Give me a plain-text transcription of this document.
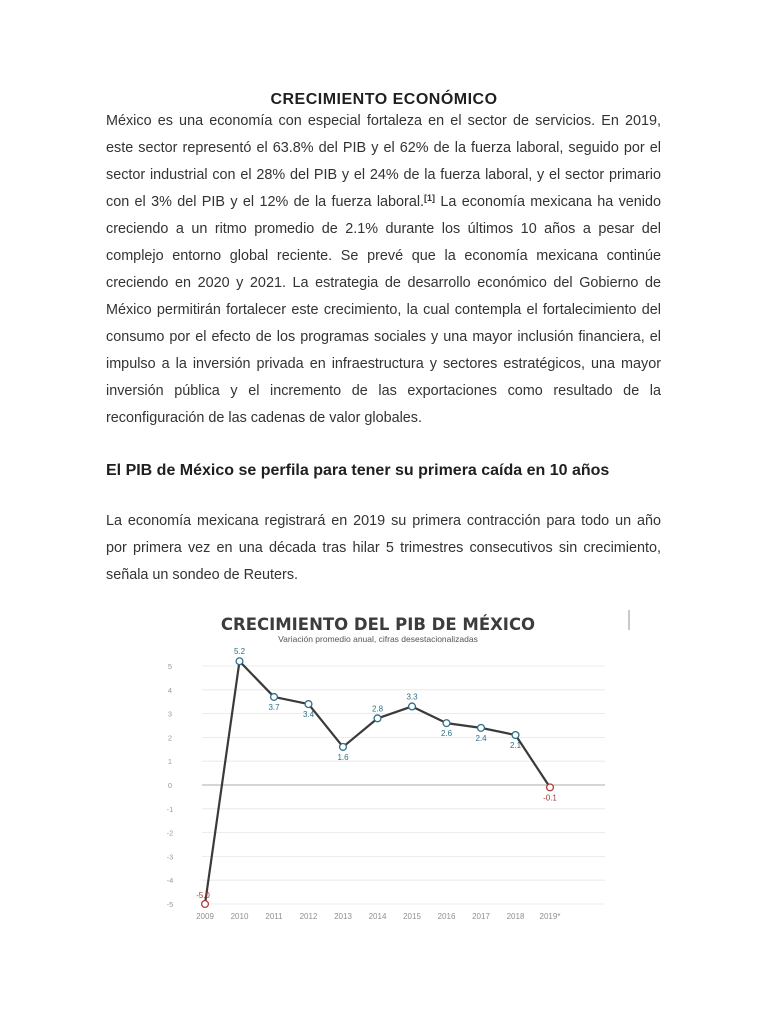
CRECIMIENTO ECONÓMICO

México es una economía con especial fortaleza en el sector de servicios. En 2019, este sector representó el 63.8% del PIB y el 62% de la fuerza laboral, seguido por el sector industrial con el 28% del PIB y el 24% de la fuerza laboral, y el sector primario con el 3% del PIB y el 12% de la fuerza laboral.[1] La economía mexicana ha venido creciendo a un ritmo promedio de 2.1% durante los últimos 10 años a pesar del complejo entorno global reciente. Se prevé que la economía mexicana continúe creciendo en 2020 y 2021. La estrategia de desarrollo económico del Gobierno de México permitirán fortalecer este crecimiento, la cual contempla el fortalecimiento del consumo por el efecto de los programas sociales y una mayor inclusión financiera, el impulso a la inversión privada en infraestructura y sectores estratégicos, una mayor inversión pública y el incremento de las exportaciones como resultado de la reconfiguración de las cadenas de valor globales.

El PIB de México se perfila para tener su primera caída en 10 años

La economía mexicana registrará en 2019 su primera contracción para todo un año por primera vez en una década tras hilar 5 trimestres consecutivos sin crecimiento, señala un sondeo de Reuters.

CRECIMIENTO DEL PIB DE MÉXICO
Variación promedio anual, cifras desestacionalizadas
5
4
3
2
1
0
-1
-2
-3
-4
-5
2009 2010 2011 2012 2013 2014 2015 2016 2017 2018 2019*
-5.0
5.2
3.7
3.4
1.6
2.8
3.3
2.6
2.4
2.1
-0.1
